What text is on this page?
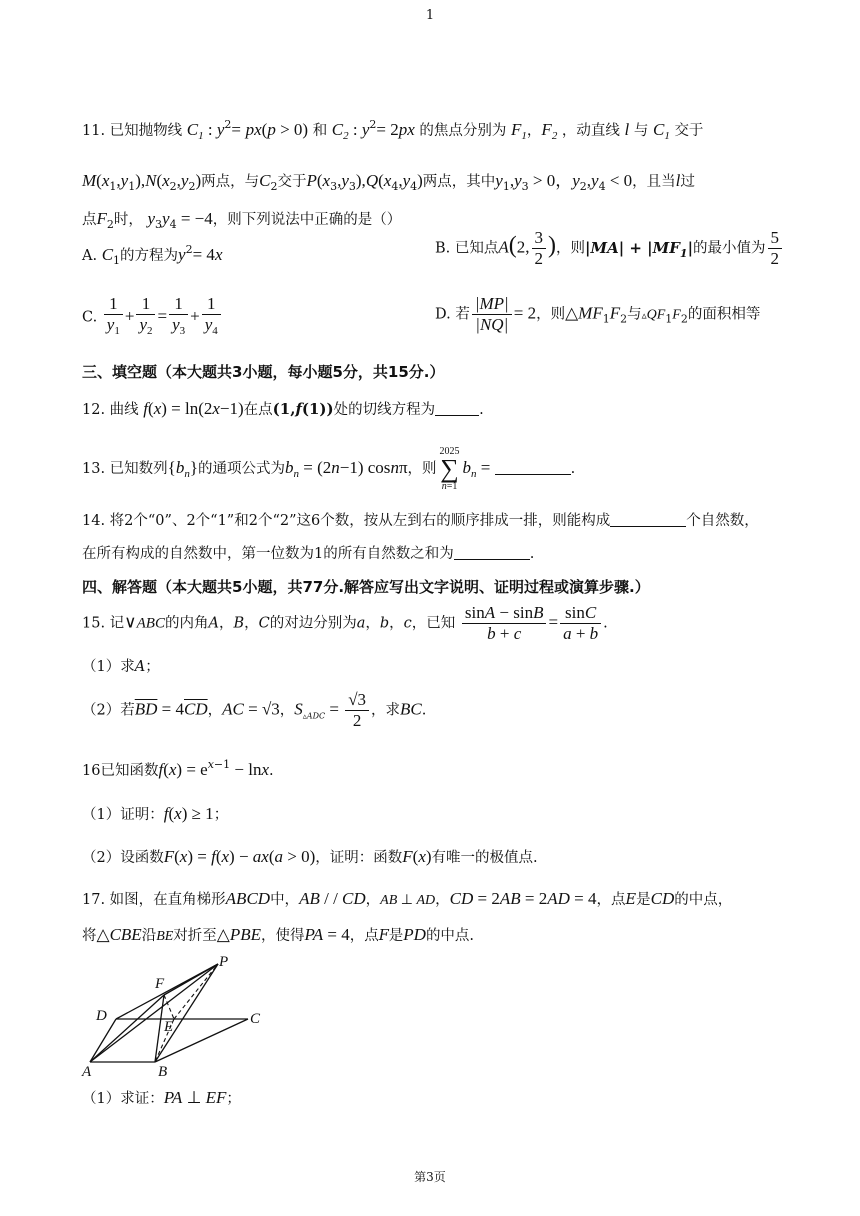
1
11. 已知抛物线 $C_1$ : $y^2= px(p > 0)$ 和 $C_2$ : $y^2= 2px$ 的焦点分别为 $F_1$，$F_2$ ，动直线 l 与 $C_1$ 交于
$M(x_1,y_1),N(x_2,y_2)$两点，与$C_2$交于$P(x_3,y_3),Q(x_4,y_4)$两点，其中$y_1,y_3 > 0$，$y_2,y_4 < 0$，且当l过
点$F_2$时， $y_3y_4 = -4$，则下列说法中正确的是（）
A. $C_1$的方程为$y^2= 4x$	B. 已知点A(2, $\frac{3}{2}$ )，则$|MA| + |MF_1|$的最小值为 $\frac{5}{2}$
C. $\frac{1}{y_1} + \frac{1}{y_2} = \frac{1}{y_3} + \frac{1}{y_4}$	D. 若 $\frac{|MP|}{|NQ|} = 2$，则$\triangle MF_1F_2$与$▵QF_1F_2$的面积相等
三、填空题（本大题共3小题，每小题5分，共15分.）
12. 曲线 f(x) = ln(2x−1)在点(1,f(1))处的切线方程为	.
13. 已知数列$\{b_n\}$的通项公式为$b_n = (2n-1)$ cosnπ，则
2025
∑
n=1
$b_n$ =	.
14. 将2个“0”、2个“1”和2个“2”这6个数，按从左到右的顺序排成一排，则能构成	个自然数，
在所有构成的自然数中，第一位数为1的所有自然数之和为	.
四、解答题（本大题共5小题，共77分.解答应写出文字说明、证明过程或演算步骤.）
15. 记∨ABC的内角A，B，C的对边分别为a，b，c，已知 $\frac{\sin A - \sin B}{b + c} = \frac{\sin C}{a + b}$ .
（1）求A；
（2）若$\overline{BD} = 4\overline{CD}$，AC = √3，$S_{▵ADC} = \frac{√3}{2}$ ，求BC.
16已知函数$f(x) = e^{x-1} - \ln x$.
（1）证明：f(x) ≥ 1；
（2）设函数F(x) = f(x) − ax(a > 0)，证明：函数F(x)有唯一的极值点.
17. 如图，在直角梯形ABCD中，AB / / CD，AB ⊥ AD，CD = 2AB = 2AD = 4，点E是CD的中点，
将△CBE沿BE对折至△PBE，使得PA = 4，点F是PD的中点.
P
F
D
E	C
A	B
（1）求证：PA ⊥ EF；
第3页
